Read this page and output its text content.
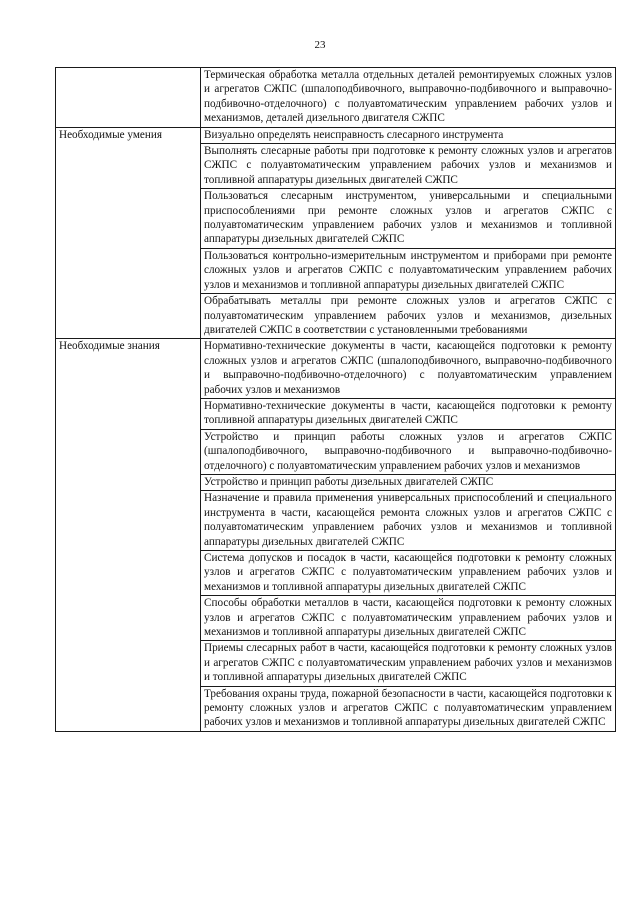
23
	Термическая обработка металла отдельных деталей ремонтируемых сложных узлов и агрегатов СЖПС (шпалоподбивочного, выправочно-подбивочного и выправочно-подбивочно-отделочного) с полуавтоматическим управлением рабочих узлов и механизмов, деталей дизельного двигателя СЖПС
Необходимые умения	Визуально определять неисправность слесарного инструмента
	Выполнять слесарные работы при подготовке к ремонту сложных узлов и агрегатов СЖПС с полуавтоматическим управлением рабочих узлов и механизмов и топливной аппаратуры дизельных двигателей СЖПС
	Пользоваться слесарным инструментом, универсальными и специальными приспособлениями при ремонте сложных узлов и агрегатов СЖПС с полуавтоматическим управлением рабочих узлов и механизмов и топливной аппаратуры дизельных двигателей СЖПС
	Пользоваться контрольно-измерительным инструментом и приборами при ремонте сложных узлов и агрегатов СЖПС с полуавтоматическим управлением рабочих узлов и механизмов и топливной аппаратуры дизельных двигателей СЖПС
	Обрабатывать металлы при ремонте сложных узлов и агрегатов СЖПС с полуавтоматическим управлением рабочих узлов и механизмов, дизельных двигателей СЖПС в соответствии с установленными требованиями
Необходимые знания	Нормативно-технические документы в части, касающейся подготовки к ремонту сложных узлов и агрегатов СЖПС (шпалоподбивочного, выправочно-подбивочного и выправочно-подбивочно-отделочного) с полуавтоматическим управлением рабочих узлов и механизмов
	Нормативно-технические документы в части, касающейся подготовки к ремонту топливной аппаратуры дизельных двигателей СЖПС
	Устройство и принцип работы сложных узлов и агрегатов СЖПС (шпалоподбивочного, выправочно-подбивочного и выправочно-подбивочно-отделочного) с полуавтоматическим управлением рабочих узлов и механизмов
	Устройство и принцип работы дизельных двигателей СЖПС
	Назначение и правила применения универсальных приспособлений и специального инструмента в части, касающейся ремонта сложных узлов и агрегатов СЖПС с полуавтоматическим управлением рабочих узлов и механизмов и топливной аппаратуры дизельных двигателей СЖПС
	Система допусков и посадок в части, касающейся подготовки к ремонту сложных узлов и агрегатов СЖПС с полуавтоматическим управлением рабочих узлов и механизмов и топливной аппаратуры дизельных двигателей СЖПС
	Способы обработки металлов в части, касающейся подготовки к ремонту сложных узлов и агрегатов СЖПС с полуавтоматическим управлением рабочих узлов и механизмов и топливной аппаратуры дизельных двигателей СЖПС
	Приемы слесарных работ в части, касающейся подготовки к ремонту сложных узлов и агрегатов СЖПС с полуавтоматическим управлением рабочих узлов и механизмов и топливной аппаратуры дизельных двигателей СЖПС
	Требования охраны труда, пожарной безопасности в части, касающейся подготовки к ремонту сложных узлов и агрегатов СЖПС с полуавтоматическим управлением рабочих узлов и механизмов и топливной аппаратуры дизельных двигателей СЖПС
